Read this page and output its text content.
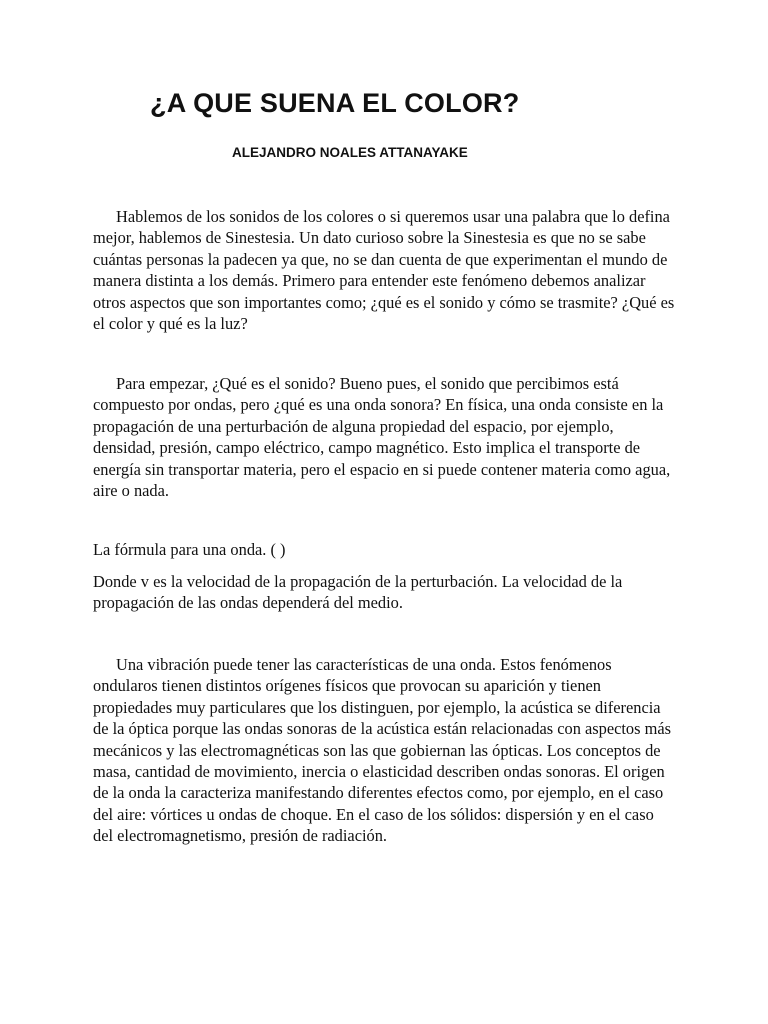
¿A QUE SUENA EL COLOR?
ALEJANDRO NOALES ATTANAYAKE

Hablemos de los sonidos de los colores o si queremos usar una palabra que lo defina mejor, hablemos de Sinestesia. Un dato curioso sobre la Sinestesia es que no se sabe cuántas personas la padecen ya que, no se dan cuenta de que experimentan el mundo de manera distinta a los demás. Primero para entender este fenómeno debemos analizar otros aspectos que son importantes como; ¿qué es el sonido y cómo se trasmite? ¿Qué es el color y qué es la luz?

Para empezar, ¿Qué es el sonido? Bueno pues, el sonido que percibimos está compuesto por ondas, pero ¿qué es una onda sonora? En física, una onda consiste en la propagación de una perturbación de alguna propiedad del espacio, por ejemplo, densidad, presión, campo eléctrico, campo magnético. Esto implica el transporte de energía sin transportar materia, pero el espacio en si puede contener materia como agua, aire o nada.

La fórmula para una onda. ( )

Donde v es la velocidad de la propagación de la perturbación. La velocidad de la propagación de las ondas dependerá del medio.

Una vibración puede tener las características de una onda. Estos fenómenos ondularos tienen distintos orígenes físicos que provocan su aparición y tienen propiedades muy particulares que los distinguen, por ejemplo, la acústica se diferencia de la óptica porque las ondas sonoras de la acústica están relacionadas con aspectos más mecánicos y las electromagnéticas son las que gobiernan las ópticas. Los conceptos de masa, cantidad de movimiento, inercia o elasticidad describen ondas sonoras. El origen de la onda la caracteriza manifestando diferentes efectos como, por ejemplo, en el caso del aire: vórtices u ondas de choque. En el caso de los sólidos: dispersión y en el caso del electromagnetismo, presión de radiación.
